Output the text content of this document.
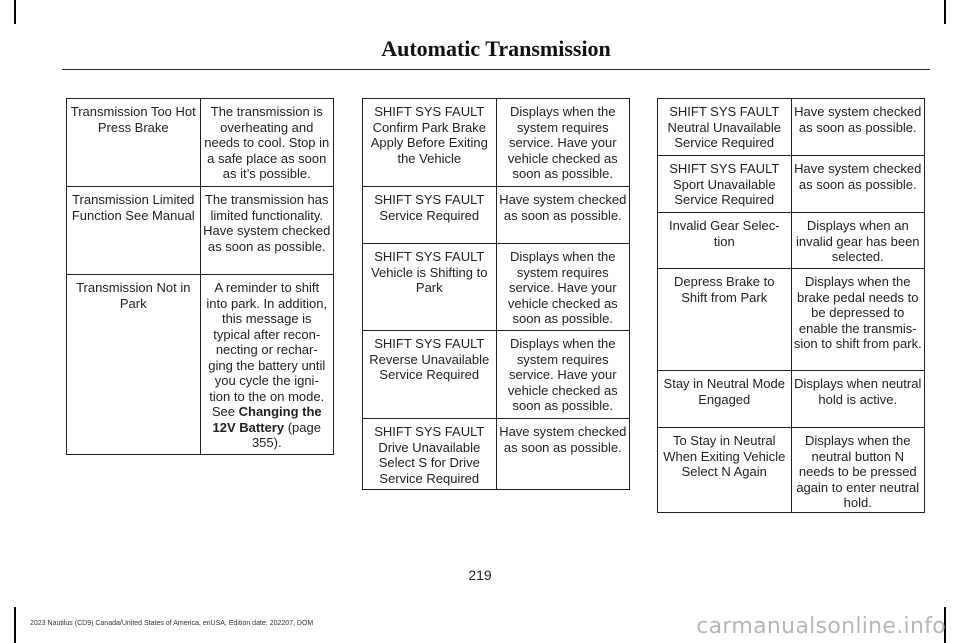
Automatic Transmission
Transmission Too Hot Press Brake	The transmission is overheating and needs to cool. Stop in a safe place as soon as it’s possible.
Transmission Limited Function See Manual	The transmission has limited functionality. Have system checked as soon as possible.
Transmission Not in Park	A reminder to shift into park. In addition, this message is typical after recon- necting or rechar- ging the battery until you cycle the igni- tion to the on mode. See Changing the 12V Battery (page 355).
SHIFT SYS FAULT Confirm Park Brake Apply Before Exiting the Vehicle	Displays when the system requires service. Have your vehicle checked as soon as possible.
SHIFT SYS FAULT Service Required	Have system checked as soon as possible.
SHIFT SYS FAULT Vehicle is Shifting to Park	Displays when the system requires service. Have your vehicle checked as soon as possible.
SHIFT SYS FAULT Reverse Unavailable Service Required	Displays when the system requires service. Have your vehicle checked as soon as possible.
SHIFT SYS FAULT Drive Unavailable Select S for Drive Service Required	Have system checked as soon as possible.
SHIFT SYS FAULT Neutral Unavailable Service Required	Have system checked as soon as possible.
SHIFT SYS FAULT Sport Unavailable Service Required	Have system checked as soon as possible.
Invalid Gear Selec- tion	Displays when an invalid gear has been selected.
Depress Brake to Shift from Park	Displays when the brake pedal needs to be depressed to enable the transmis- sion to shift from park.
Stay in Neutral Mode Engaged	Displays when neutral hold is active.
To Stay in Neutral When Exiting Vehicle Select N Again	Displays when the neutral button N needs to be pressed again to enter neutral hold.
219
2023 Nautilus (CD9) Canada/United States of America, enUSA, Edition date: 202207, DOM	carmanualsonline.info
